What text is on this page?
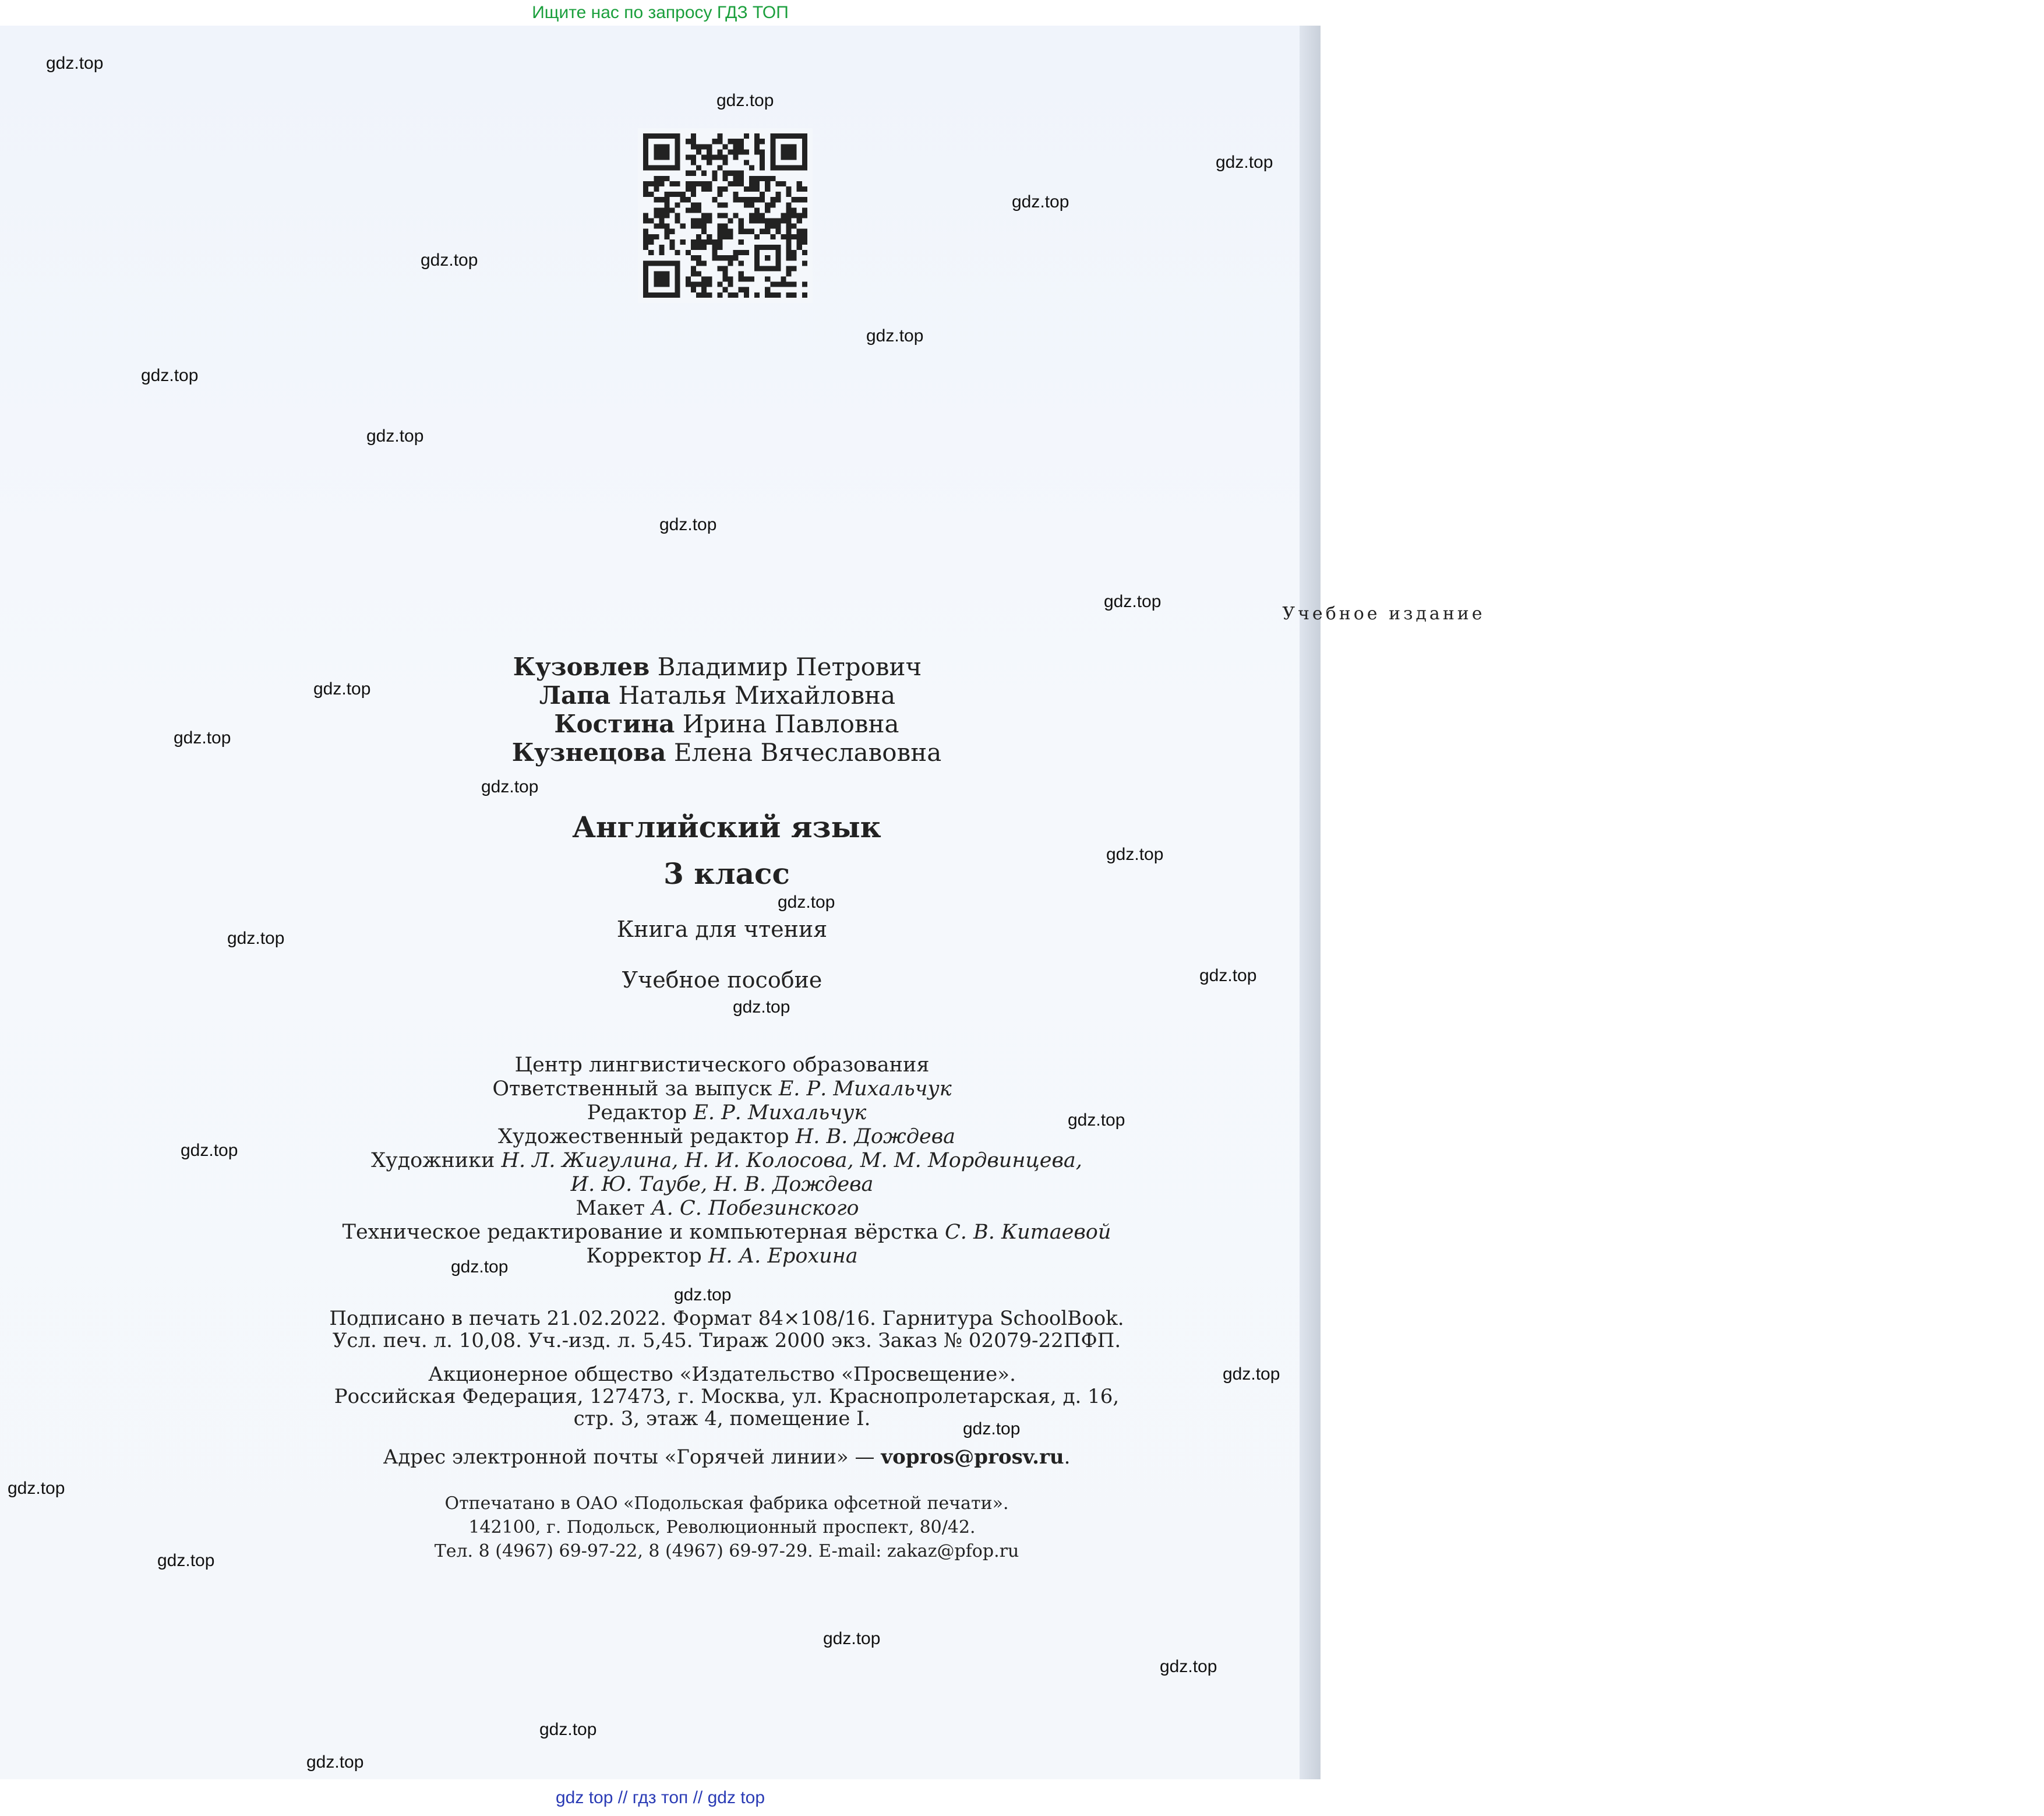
Ищите нас по запросу ГДЗ ТОП
Учебное издание
Кузовлев Владимир Петрович
Лапа Наталья Михайловна
Костина Ирина Павловна
Кузнецова Елена Вячеславовна
Английский язык
3 класс
Книга для чтения
Учебное пособие
Центр лингвистического образования
Ответственный за выпуск Е. Р. Михальчук
Редактор Е. Р. Михальчук
Художественный редактор Н. В. Дождева
Художники Н. Л. Жигулина, Н. И. Колосова, М. М. Мордвинцева,
И. Ю. Таубе, Н. В. Дождева
Макет А. С. Побезинского
Техническое редактирование и компьютерная вёрстка С. В. Китаевой
Корректор Н. А. Ерохина
Подписано в печать 21.02.2022. Формат 84×108/16. Гарнитура SchoolBook.
Усл. печ. л. 10,08. Уч.-изд. л. 5,45. Тираж 2000 экз. Заказ № 02079-22ПФП.
Акционерное общество «Издательство «Просвещение».
Российская Федерация, 127473, г. Москва, ул. Краснопролетарская, д. 16,
стр. 3, этаж 4, помещение I.
Адрес электронной почты «Горячей линии» — vopros@prosv.ru.
Отпечатано в ОАО «Подольская фабрика офсетной печати».
142100, г. Подольск, Революционный проспект, 80/42.
Тел. 8 (4967) 69-97-22, 8 (4967) 69-97-29. E-mail: zakaz@pfop.ru
gdz.top
gdz.top
gdz.top
gdz.top
gdz.top
gdz.top
gdz.top
gdz.top
gdz.top
gdz.top
gdz.top
gdz.top
gdz.top
gdz.top
gdz.top
gdz.top
gdz.top
gdz.top
gdz.top
gdz.top
gdz.top
gdz.top
gdz.top
gdz.top
gdz.top
gdz.top
gdz.top
gdz.top
gdz.top
gdz.top
gdz top // гдз топ // gdz top
